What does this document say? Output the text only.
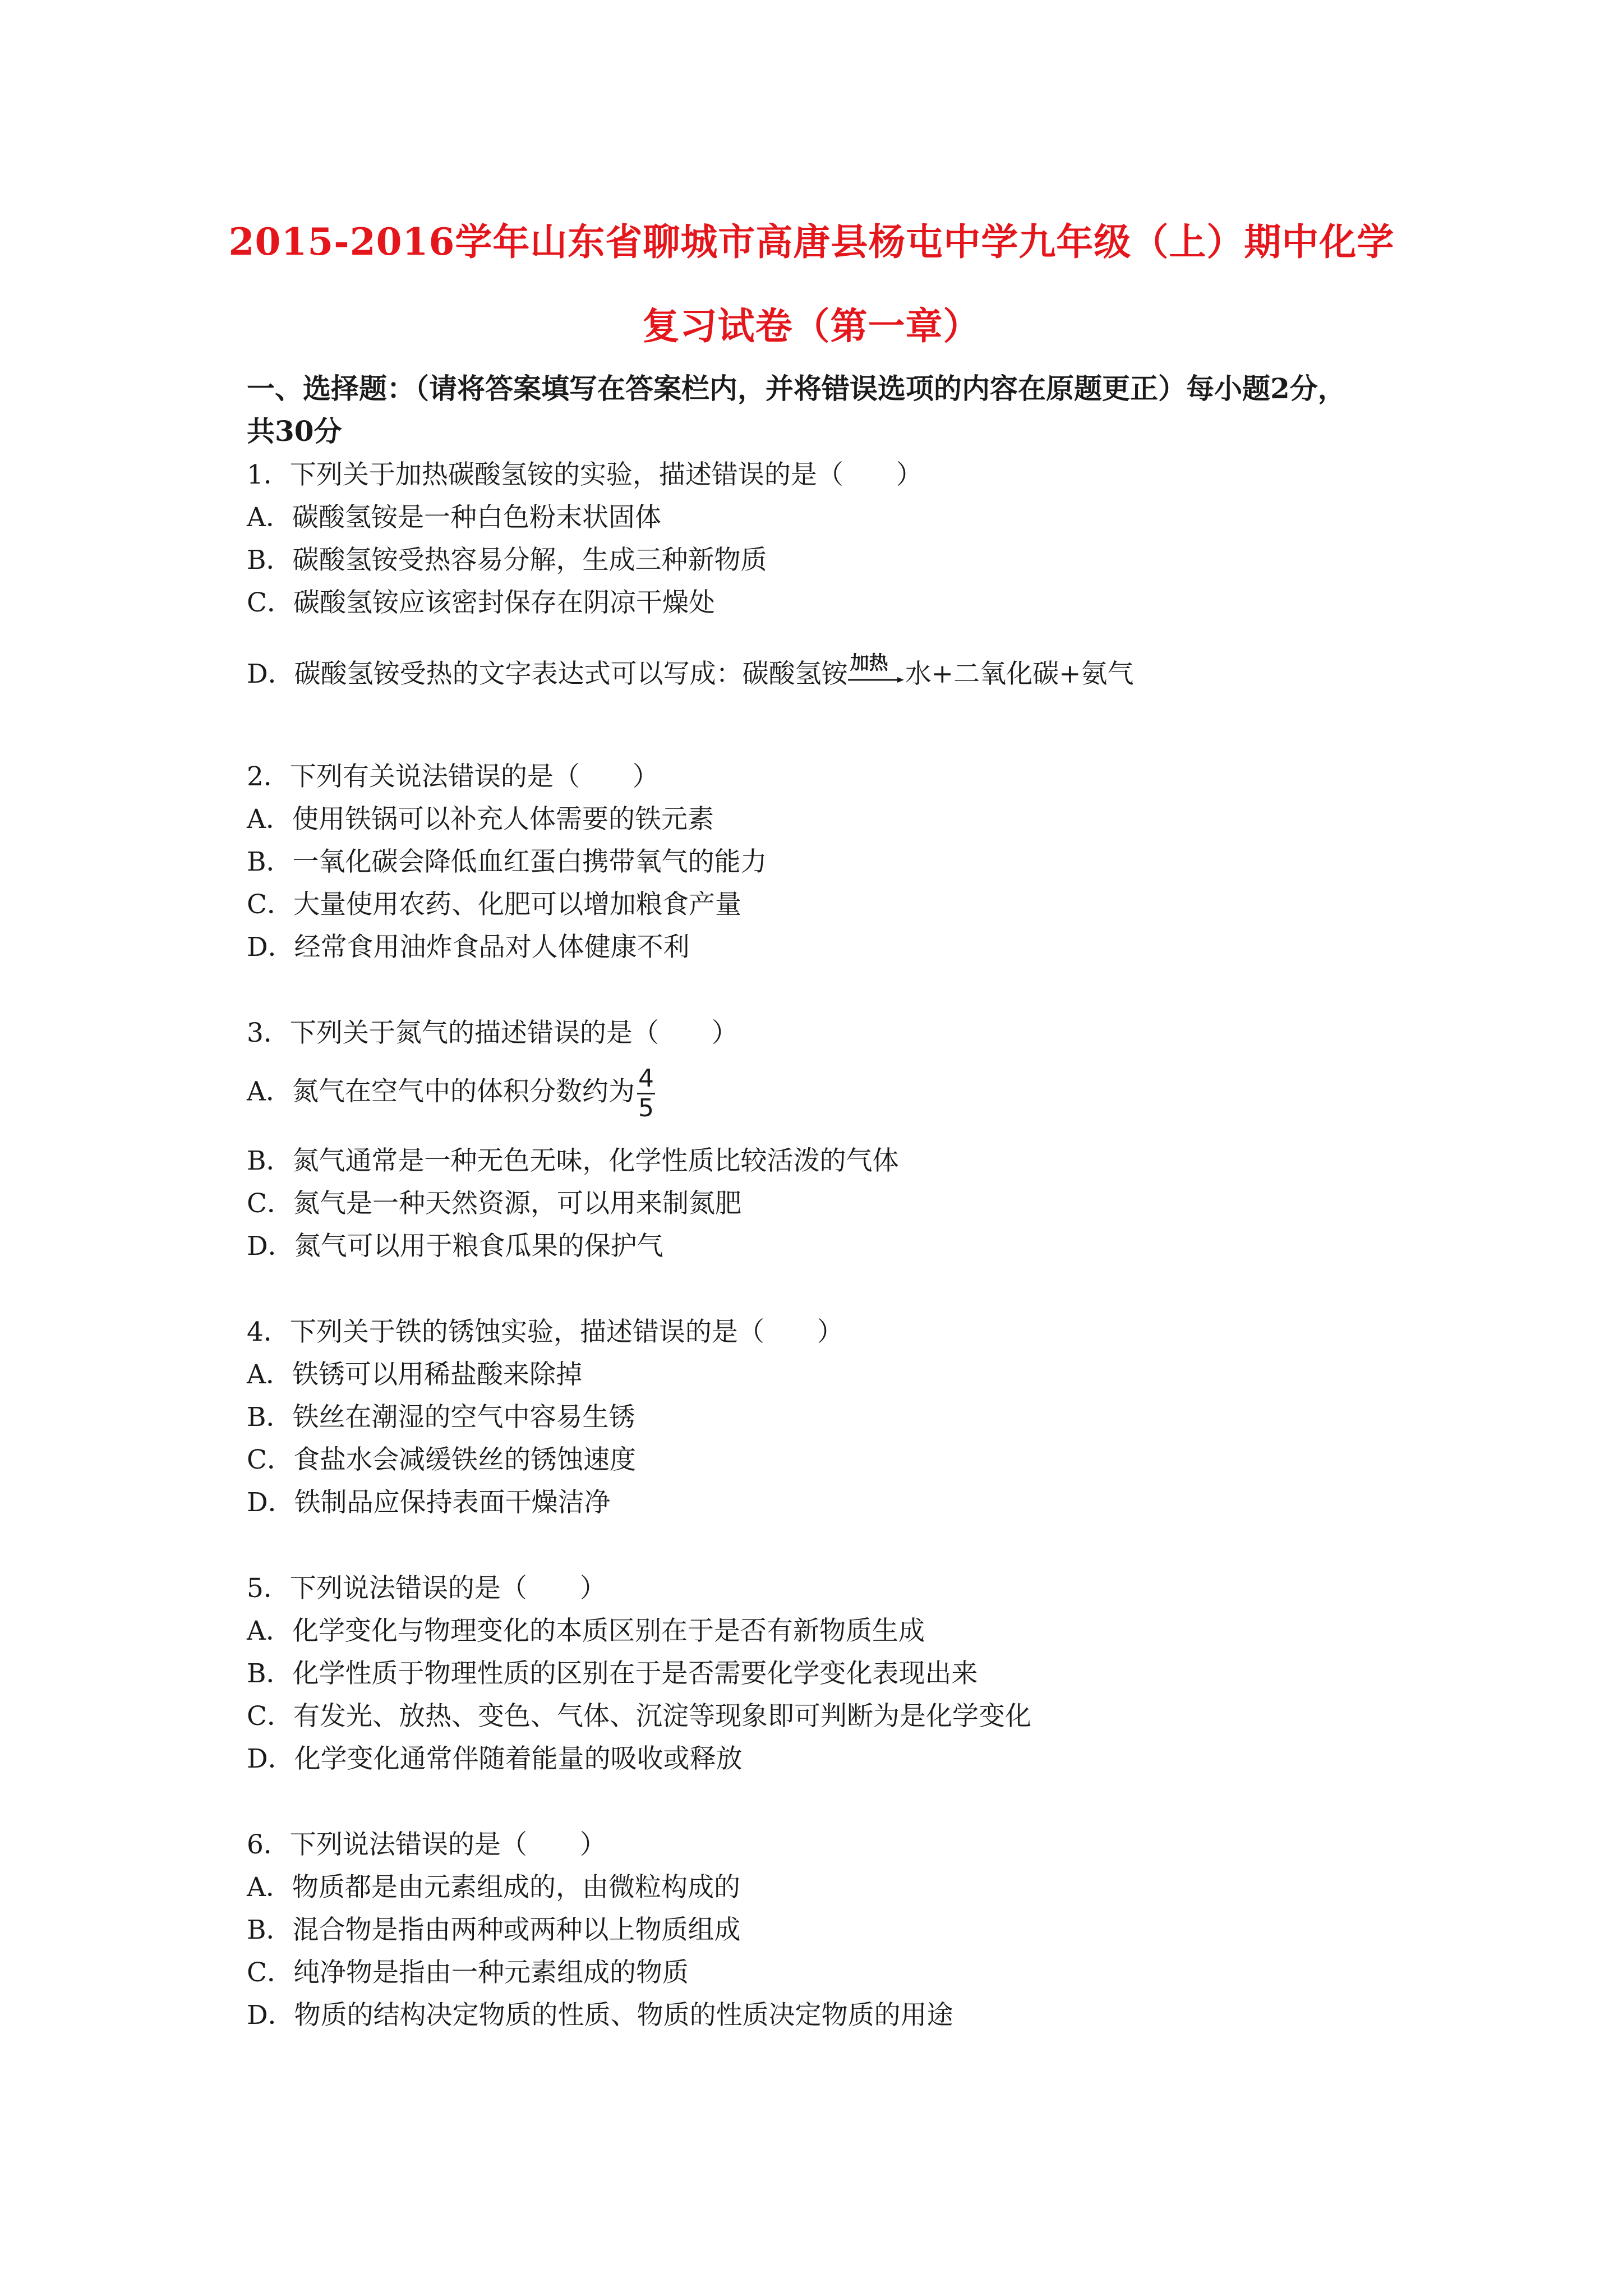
2015-2016学年山东省聊城市高唐县杨屯中学九年级（上）期中化学
复习试卷（第一章）
一、选择题：（请将答案填写在答案栏内，并将错误选项的内容在原题更正）每小题2分，
共30分
1．下列关于加热碳酸氢铵的实验，描述错误的是（　　）
A．碳酸氢铵是一种白色粉末状固体
B．碳酸氢铵受热容易分解，生成三种新物质
C．碳酸氢铵应该密封保存在阴凉干燥处
D．碳酸氢铵受热的文字表达式可以写成：碳酸氢铵 加热 水+二氧化碳+氨气
2．下列有关说法错误的是（　　）
A．使用铁锅可以补充人体需要的铁元素
B．一氧化碳会降低血红蛋白携带氧气的能力
C．大量使用农药、化肥可以增加粮食产量
D．经常食用油炸食品对人体健康不利
3．下列关于氮气的描述错误的是（　　）
A．氮气在空气中的体积分数约为 $\frac{4}{5}$
B．氮气通常是一种无色无味，化学性质比较活泼的气体
C．氮气是一种天然资源，可以用来制氮肥
D．氮气可以用于粮食瓜果的保护气
4．下列关于铁的锈蚀实验，描述错误的是（　　）
A．铁锈可以用稀盐酸来除掉
B．铁丝在潮湿的空气中容易生锈
C．食盐水会减缓铁丝的锈蚀速度
D．铁制品应保持表面干燥洁净
5．下列说法错误的是（　　）
A．化学变化与物理变化的本质区别在于是否有新物质生成
B．化学性质于物理性质的区别在于是否需要化学变化表现出来
C．有发光、放热、变色、气体、沉淀等现象即可判断为是化学变化
D．化学变化通常伴随着能量的吸收或释放
6．下列说法错误的是（　　）
A．物质都是由元素组成的，由微粒构成的
B．混合物是指由两种或两种以上物质组成
C．纯净物是指由一种元素组成的物质
D．物质的结构决定物质的性质、物质的性质决定物质的用途
